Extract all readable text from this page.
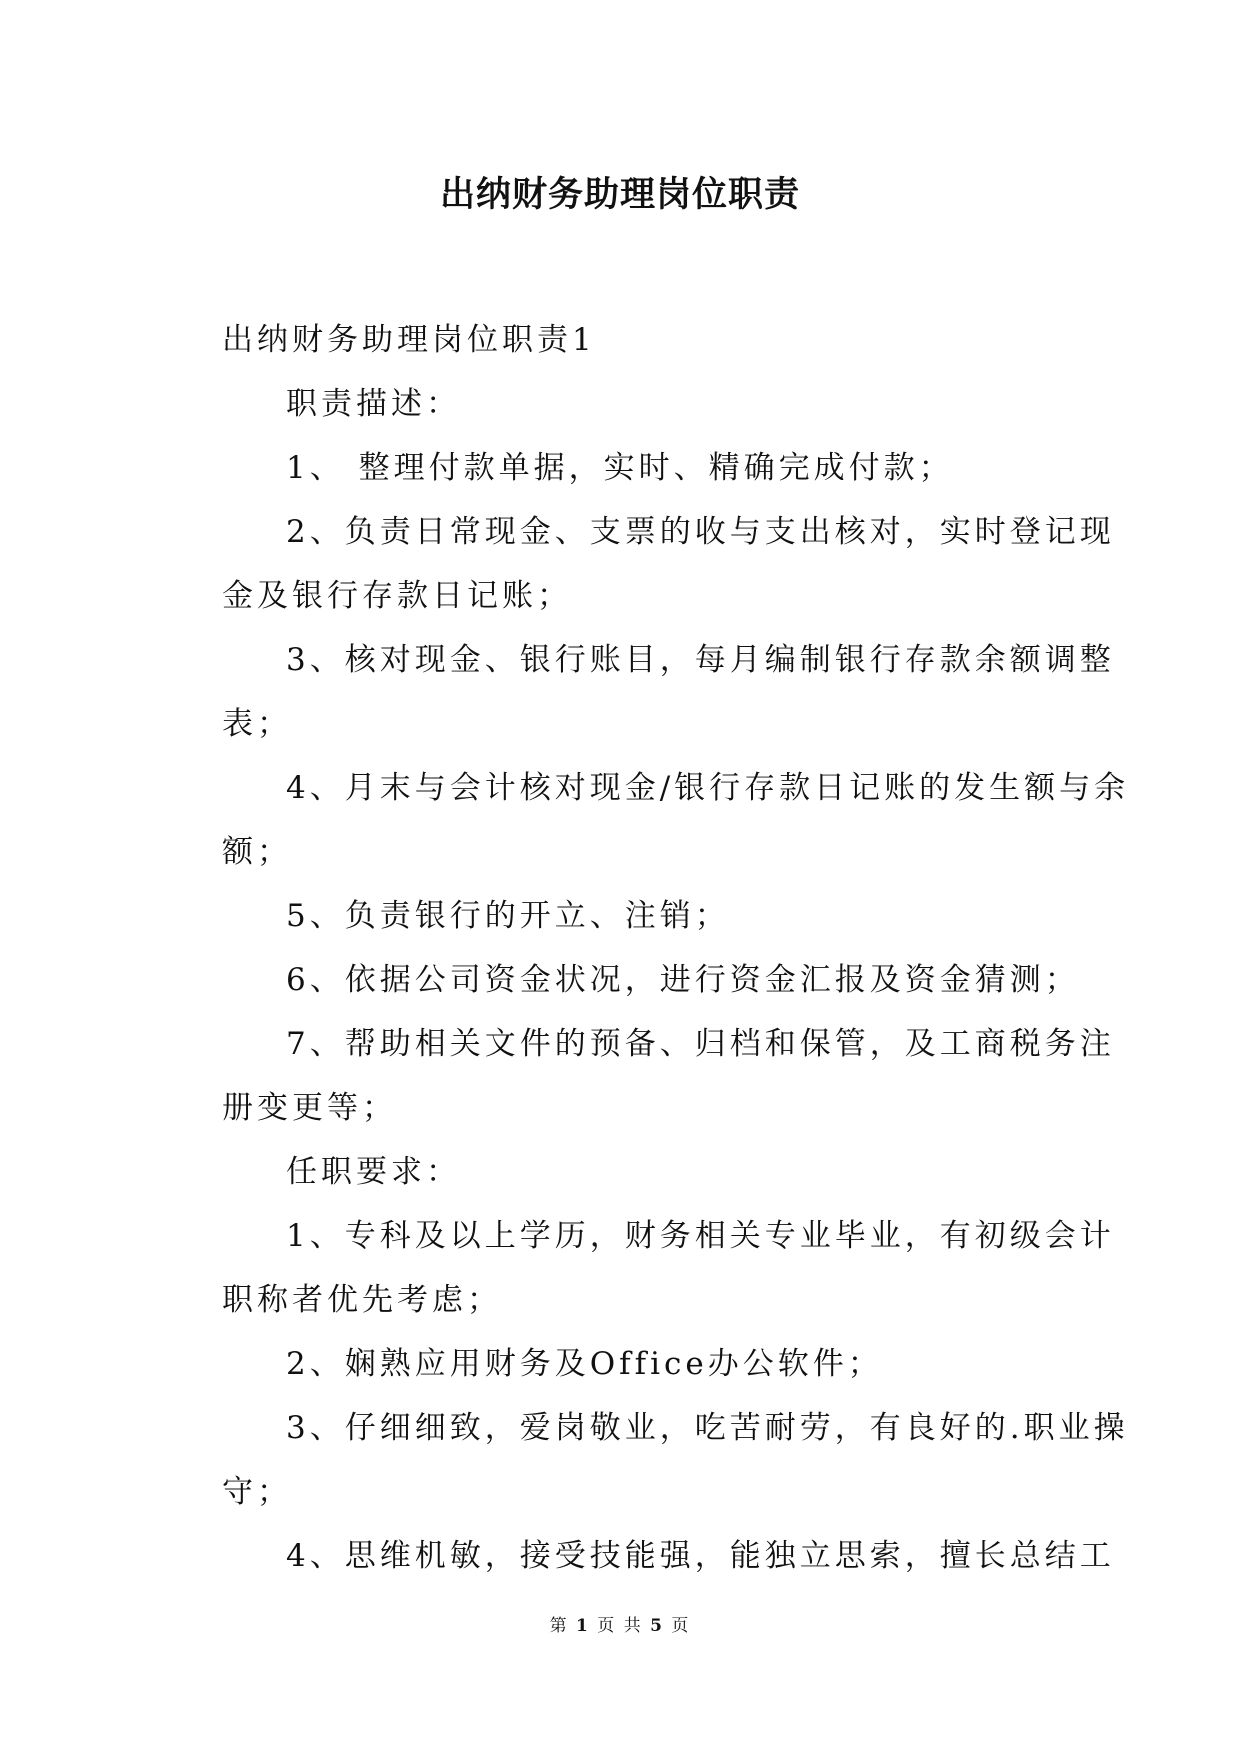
出纳财务助理岗位职责

出纳财务助理岗位职责1

职责描述：

1、 整理付款单据，实时、精确完成付款；

2、负责日常现金、支票的收与支出核对，实时登记现

金及银行存款日记账；

3、核对现金、银行账目，每月编制银行存款余额调整

表；

4、月末与会计核对现金/银行存款日记账的发生额与余

额；

5、负责银行的开立、注销；

6、依据公司资金状况，进行资金汇报及资金猜测；

7、帮助相关文件的预备、归档和保管，及工商税务注

册变更等；

任职要求：

1、专科及以上学历，财务相关专业毕业，有初级会计

职称者优先考虑；

2、娴熟应用财务及Office办公软件；

3、仔细细致，爱岗敬业，吃苦耐劳，有良好的.职业操

守；

4、思维机敏，接受技能强，能独立思索，擅长总结工

第 1 页 共 5 页
